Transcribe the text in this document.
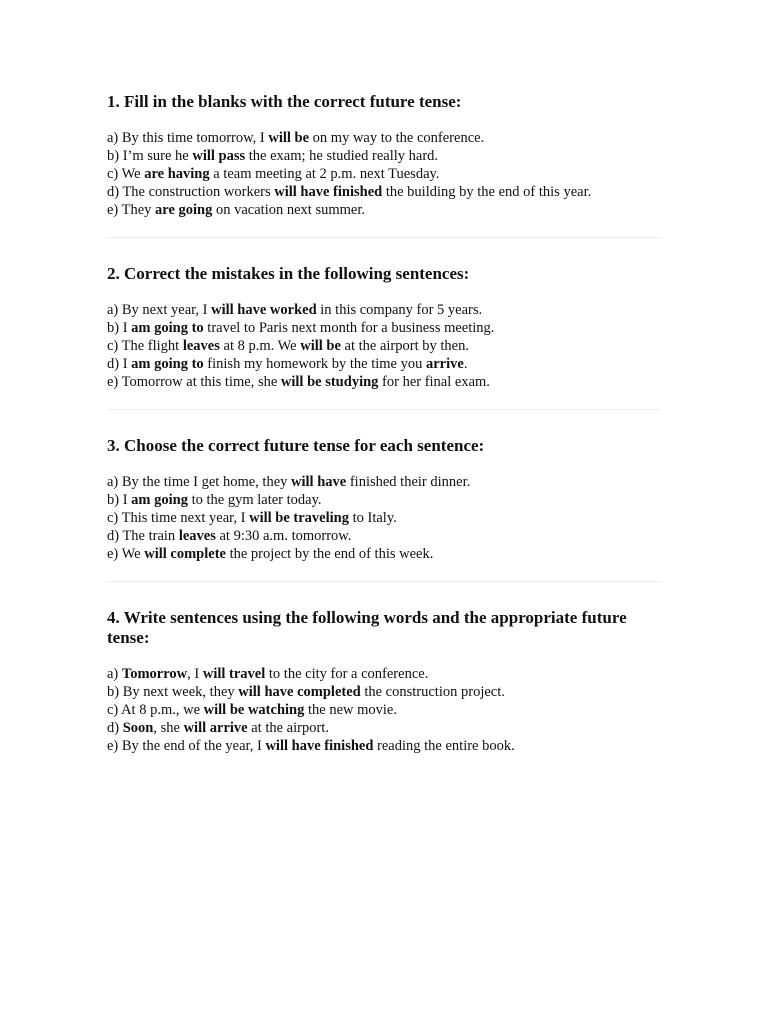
1. Fill in the blanks with the correct future tense:

a) By this time tomorrow, I will be on my way to the conference.

b) I’m sure he will pass the exam; he studied really hard.

c) We are having a team meeting at 2 p.m. next Tuesday.

d) The construction workers will have finished the building by the end of this year.

e) They are going on vacation next summer.

2. Correct the mistakes in the following sentences:

a) By next year, I will have worked in this company for 5 years.

b) I am going to travel to Paris next month for a business meeting.

c) The flight leaves at 8 p.m. We will be at the airport by then.

d) I am going to finish my homework by the time you arrive.

e) Tomorrow at this time, she will be studying for her final exam.

3. Choose the correct future tense for each sentence:

a) By the time I get home, they will have finished their dinner.

b) I am going to the gym later today.

c) This time next year, I will be traveling to Italy.

d) The train leaves at 9:30 a.m. tomorrow.

e) We will complete the project by the end of this week.

4. Write sentences using the following words and the appropriate future tense:

a) Tomorrow, I will travel to the city for a conference.

b) By next week, they will have completed the construction project.

c) At 8 p.m., we will be watching the new movie.

d) Soon, she will arrive at the airport.

e) By the end of the year, I will have finished reading the entire book.
